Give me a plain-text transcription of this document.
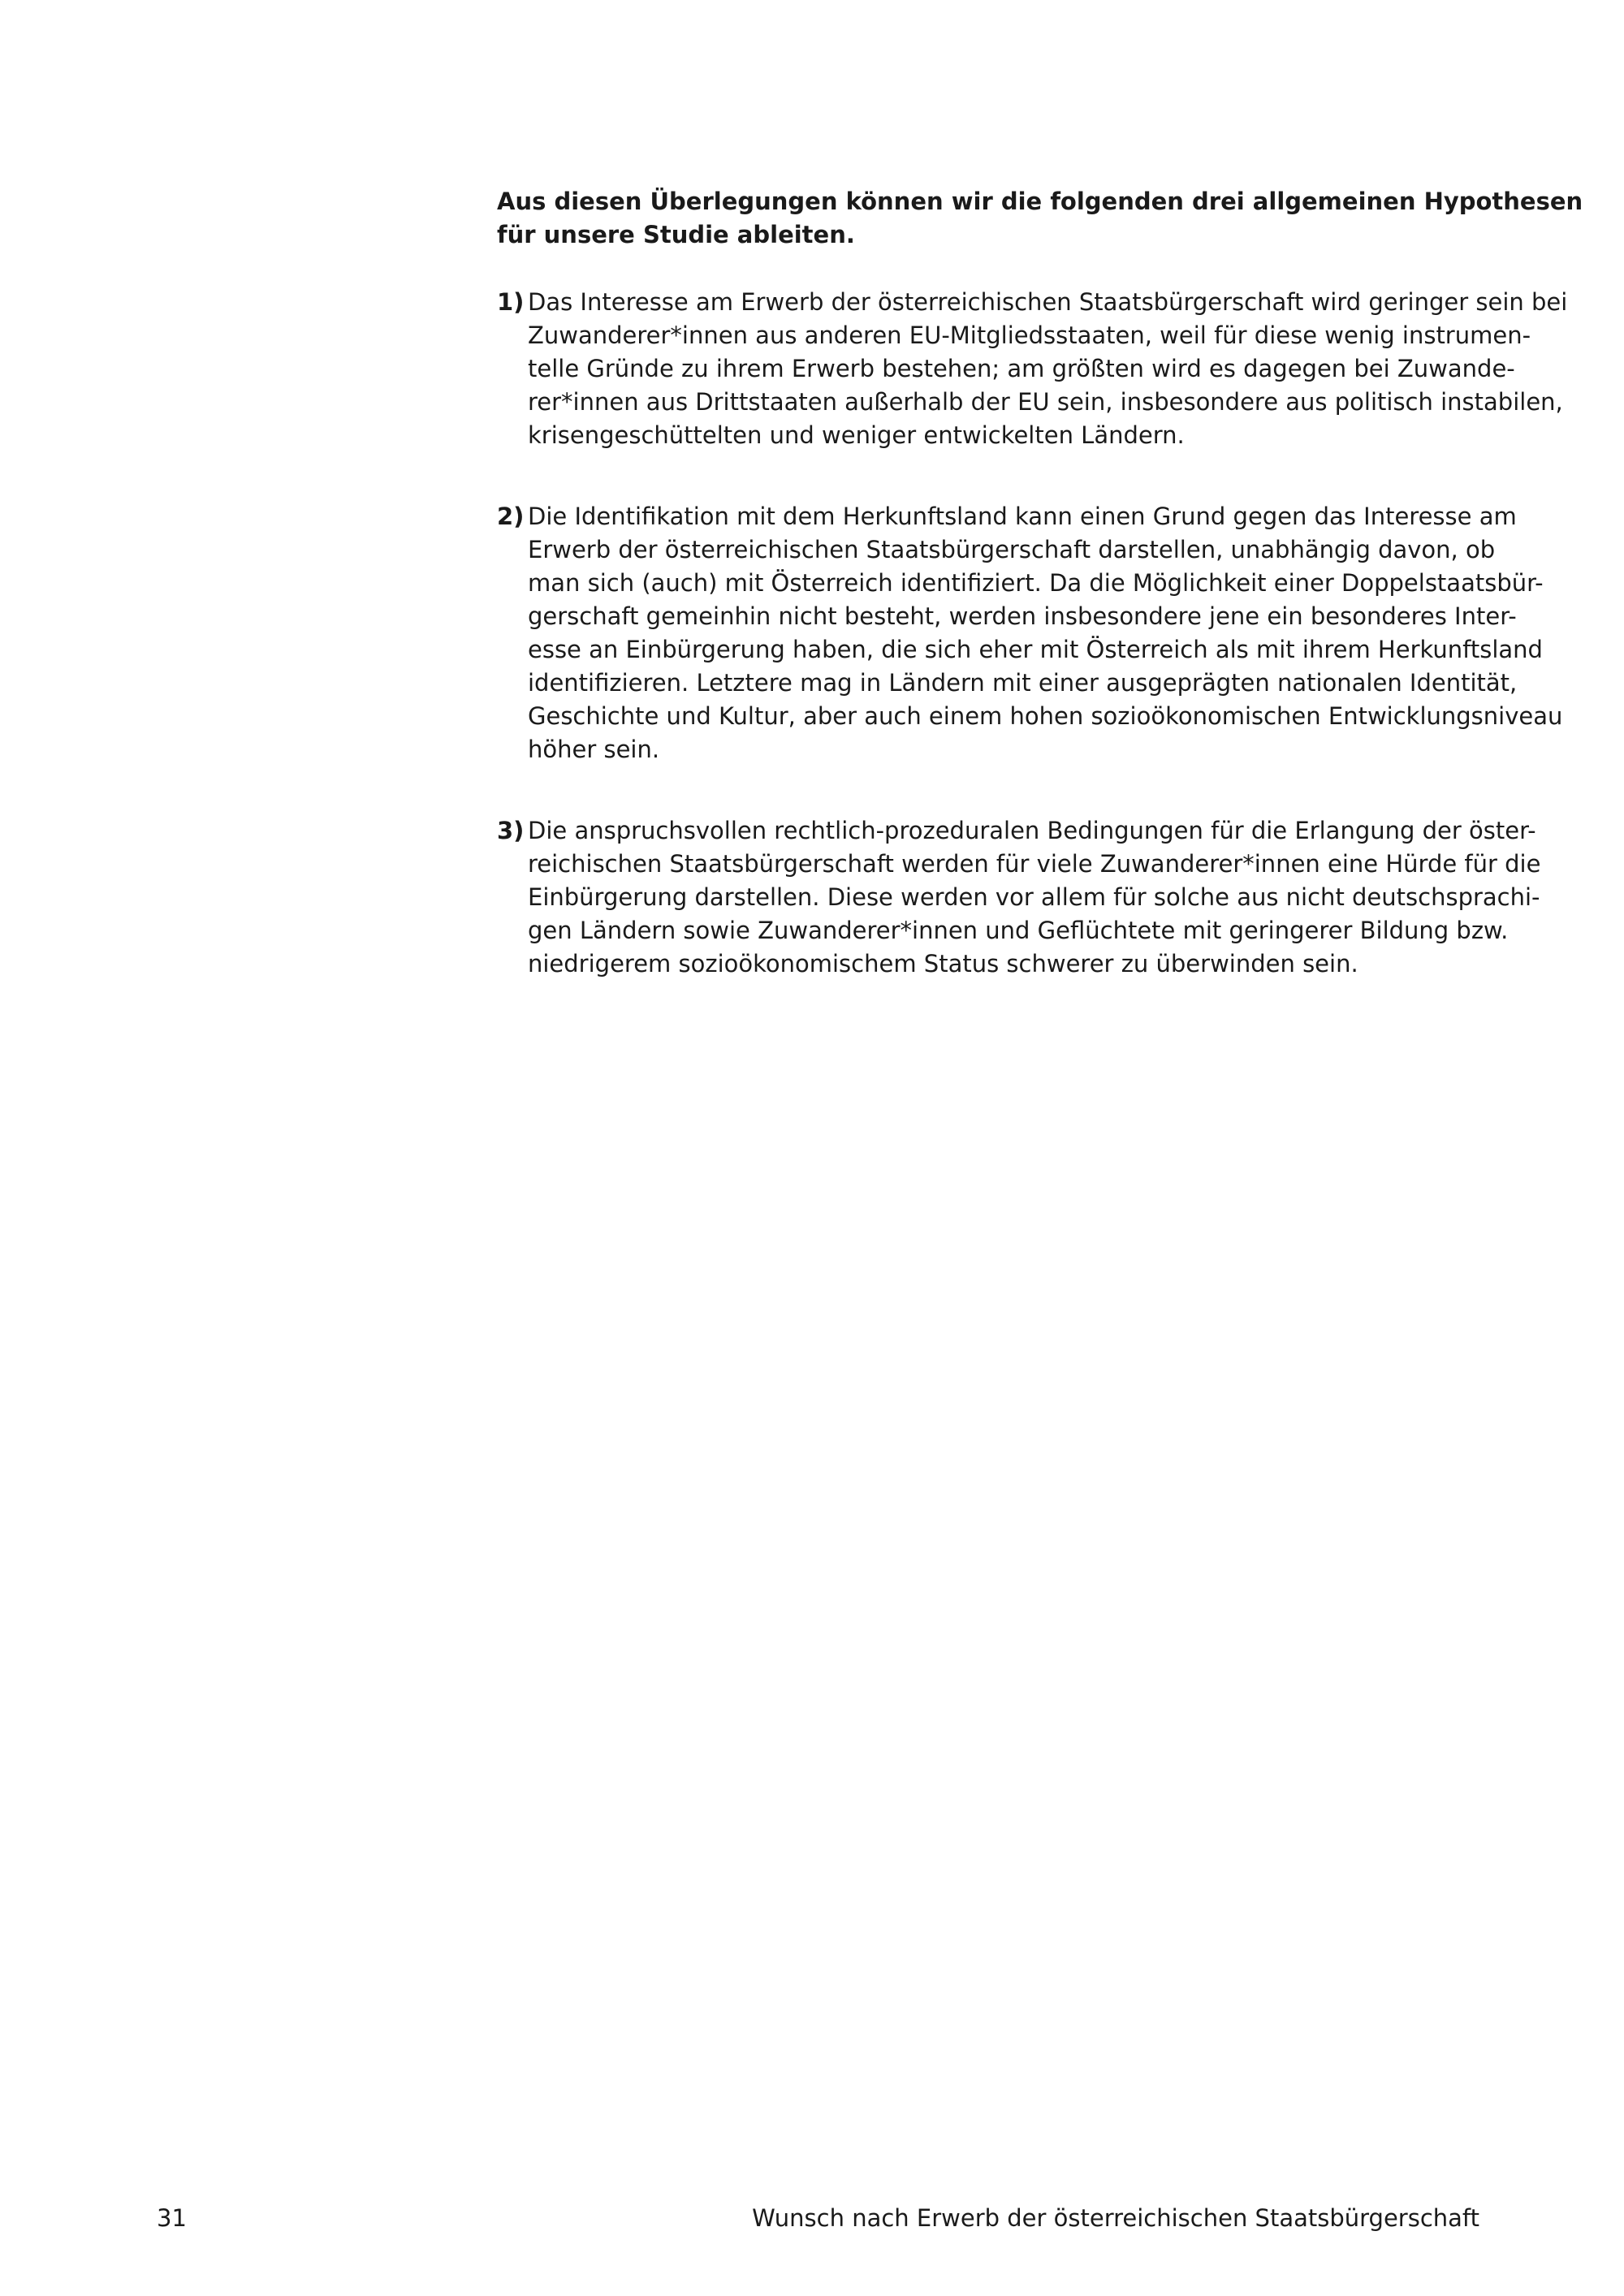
Aus diesen Überlegungen können wir die folgenden drei allgemeinen Hypothesen
für unsere Studie ableiten.

1) Das Interesse am Erwerb der österreichischen Staatsbürgerschaft wird geringer sein bei
Zuwanderer*innen aus anderen EU-Mitgliedsstaaten, weil für diese wenig instrumen-
telle Gründe zu ihrem Erwerb bestehen; am größten wird es dagegen bei Zuwande-
rer*innen aus Drittstaaten außerhalb der EU sein, insbesondere aus politisch instabilen,
krisengeschüttelten und weniger entwickelten Ländern.

2) Die Identifikation mit dem Herkunftsland kann einen Grund gegen das Interesse am
Erwerb der österreichischen Staatsbürgerschaft darstellen, unabhängig davon, ob
man sich (auch) mit Österreich identifiziert. Da die Möglichkeit einer Doppelstaatsbür-
gerschaft gemeinhin nicht besteht, werden insbesondere jene ein besonderes Inter-
esse an Einbürgerung haben, die sich eher mit Österreich als mit ihrem Herkunftsland
identifizieren. Letztere mag in Ländern mit einer ausgeprägten nationalen Identität,
Geschichte und Kultur, aber auch einem hohen sozioökonomischen Entwicklungsniveau
höher sein.

3) Die anspruchsvollen rechtlich-prozeduralen Bedingungen für die Erlangung der öster-
reichischen Staatsbürgerschaft werden für viele Zuwanderer*innen eine Hürde für die
Einbürgerung darstellen. Diese werden vor allem für solche aus nicht deutschsprachi-
gen Ländern sowie Zuwanderer*innen und Geflüchtete mit geringerer Bildung bzw.
niedrigerem sozioökonomischem Status schwerer zu überwinden sein.

31	Wunsch nach Erwerb der österreichischen Staatsbürgerschaft
